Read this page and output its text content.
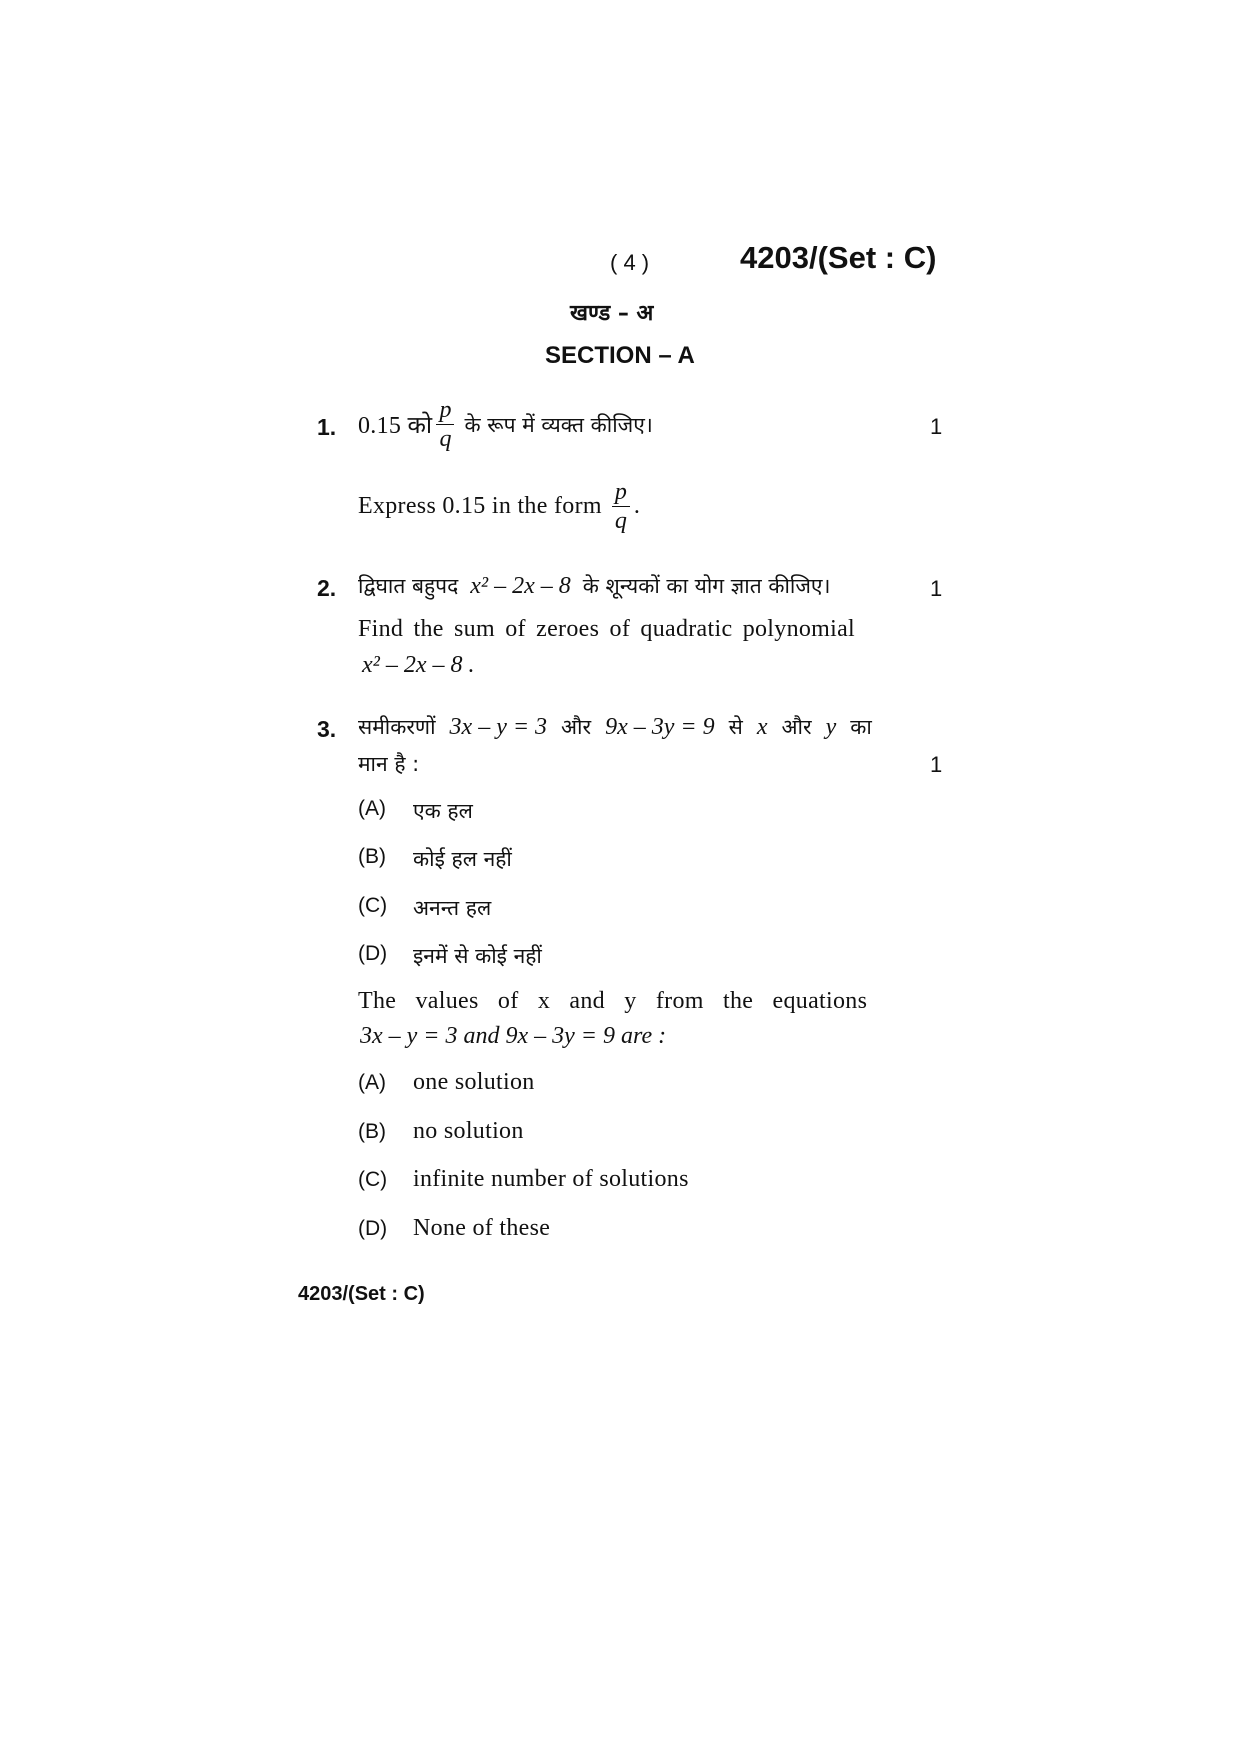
( 4 )	4203/(Set : C)
खण्ड – अ
SECTION – A
1. 0.15 को $\frac{p}{q}$ के रूप में व्यक्त कीजिए।	1
Express 0.15 in the form $\frac{p}{q}$ .
2. द्विघात बहुपद x² – 2x – 8 के शून्यकों का योग ज्ञात कीजिए।	1
Find the sum of zeroes of quadratic polynomial
x² – 2x – 8 .
3. समीकरणों 3x – y = 3 और 9x – 3y = 9 से x और y का
मान है :	1
(A) एक हल
(B) कोई हल नहीं
(C) अनन्त हल
(D) इनमें से कोई नहीं
The values of x and y from the equations
3x – y = 3 and 9x – 3y = 9 are :
(A) one solution
(B) no solution
(C) infinite number of solutions
(D) None of these
4203/(Set : C)
